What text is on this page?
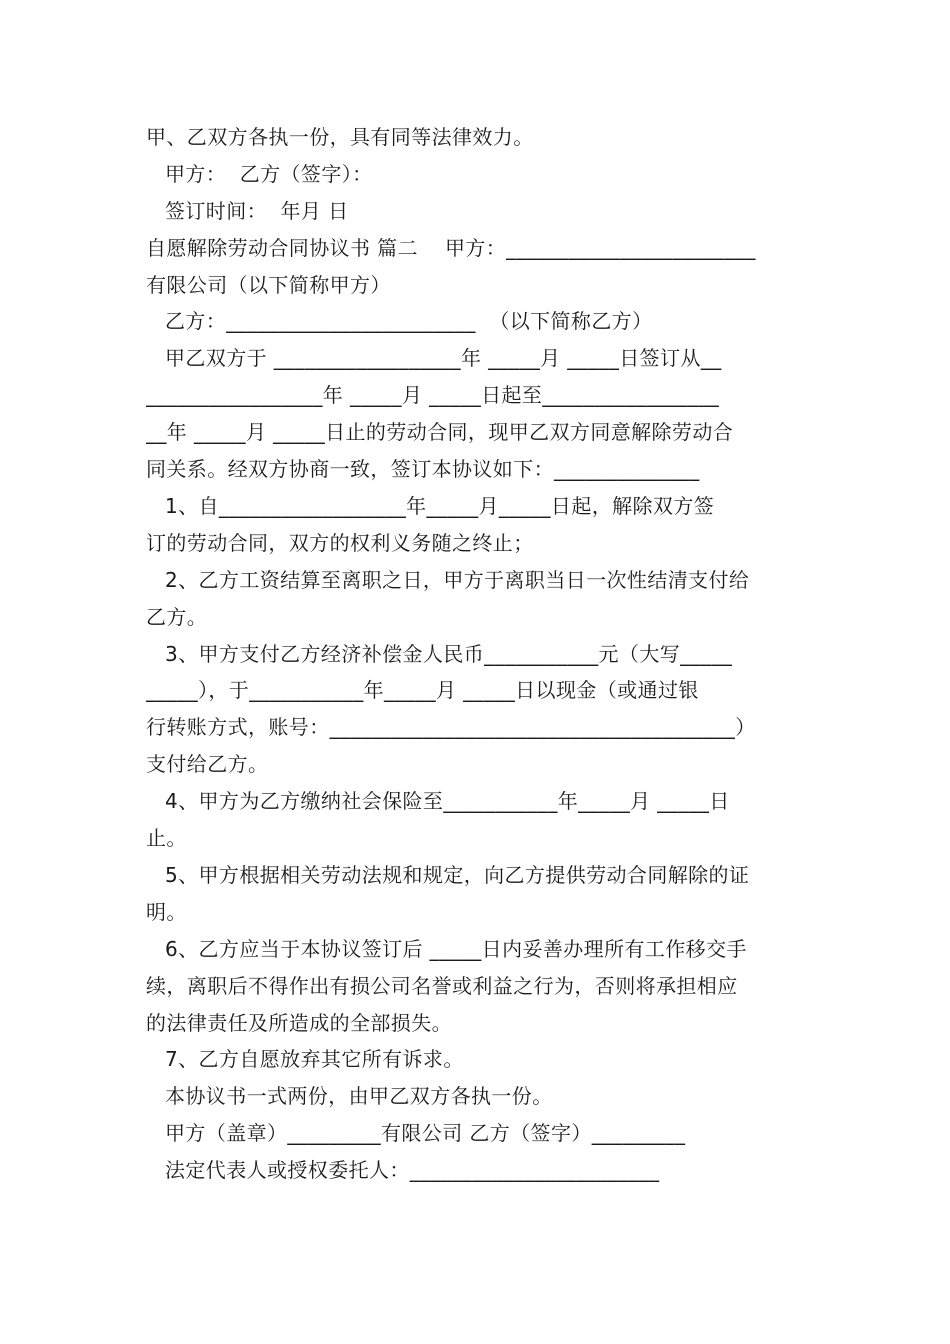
甲、乙双方各执一份，具有同等法律效力。
甲方：  乙方（签字）：
签订时间：  年月 日
自愿解除劳动合同协议书 篇二    甲方：________________________
有限公司（以下简称甲方）
乙方：________________________  （以下简称乙方）
甲乙双方于 __________________年 _____月 _____日签订从__
_________________年 _____月 _____日起至_________________
__年 _____月 _____日止的劳动合同，现甲乙双方同意解除劳动合
同关系。经双方协商一致，签订本协议如下：______________
1、自__________________年_____月_____日起，解除双方签
订的劳动合同，双方的权利义务随之终止；
2、乙方工资结算至离职之日，甲方于离职当日一次性结清支付给
乙方。
3、甲方支付乙方经济补偿金人民币___________元（大写_____
_____），于___________年_____月 _____日以现金（或通过银
行转账方式，账号：_______________________________________）
支付给乙方。
4、甲方为乙方缴纳社会保险至___________年_____月 _____日
止。
5、甲方根据相关劳动法规和规定，向乙方提供劳动合同解除的证
明。
6、乙方应当于本协议签订后 _____日内妥善办理所有工作移交手
续，离职后不得作出有损公司名誉或利益之行为，否则将承担相应
的法律责任及所造成的全部损失。
7、乙方自愿放弃其它所有诉求。
本协议书一式两份，由甲乙双方各执一份。
甲方（盖章）_________有限公司 乙方（签字）_________
法定代表人或授权委托人：________________________
